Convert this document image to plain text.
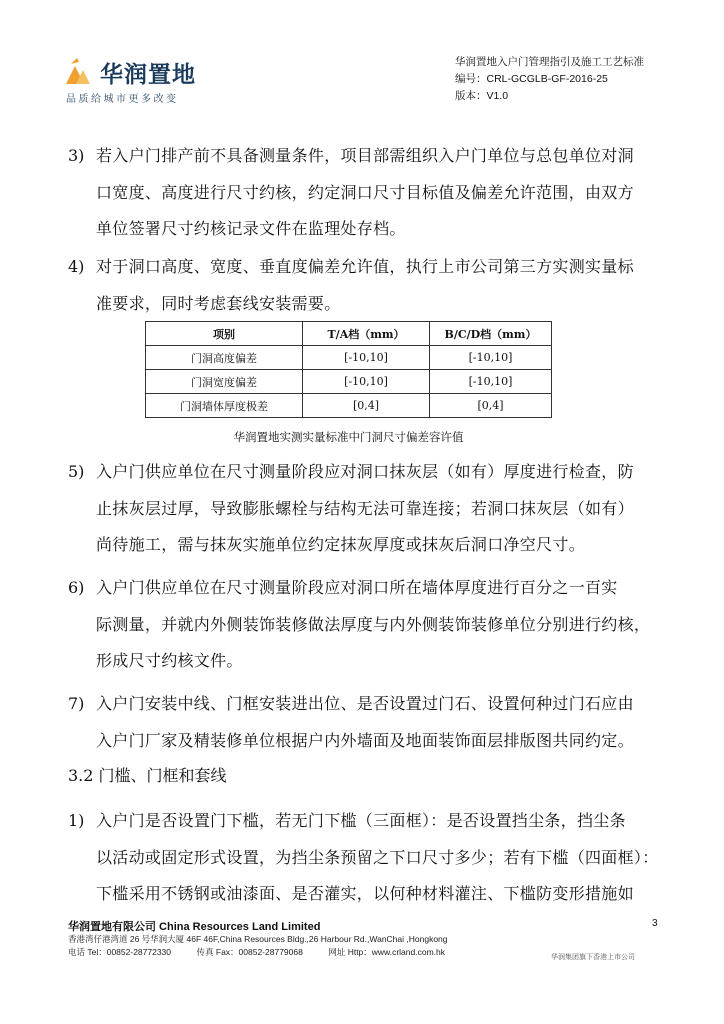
华润置地
品质给城市更多改变
华润置地入户门管理指引及施工工艺标准
编号：CRL-GCGLB-GF-2016-25
版本：V1.0
3) 若入户门排产前不具备测量条件，项目部需组织入户门单位与总包单位对洞
口宽度、高度进行尺寸约核，约定洞口尺寸目标值及偏差允许范围，由双方
单位签署尺寸约核记录文件在监理处存档。
4) 对于洞口高度、宽度、垂直度偏差允许值，执行上市公司第三方实测实量标
准要求，同时考虑套线安装需要。
项别	T/A档（mm）	B/C/D档（mm）
门洞高度偏差	[-10,10]	[-10,10]
门洞宽度偏差	[-10,10]	[-10,10]
门洞墙体厚度极差	[0,4]	[0,4]
华润置地实测实量标准中门洞尺寸偏差容许值
5) 入户门供应单位在尺寸测量阶段应对洞口抹灰层（如有）厚度进行检查，防
止抹灰层过厚，导致膨胀螺栓与结构无法可靠连接；若洞口抹灰层（如有）
尚待施工，需与抹灰实施单位约定抹灰厚度或抹灰后洞口净空尺寸。
6) 入户门供应单位在尺寸测量阶段应对洞口所在墙体厚度进行百分之一百实
际测量，并就内外侧装饰装修做法厚度与内外侧装饰装修单位分别进行约核，
形成尺寸约核文件。
7) 入户门安装中线、门框安装进出位、是否设置过门石、设置何种过门石应由
入户门厂家及精装修单位根据户内外墙面及地面装饰面层排版图共同约定。
3.2 门槛、门框和套线
1) 入户门是否设置门下槛，若无门下槛（三面框）：是否设置挡尘条，挡尘条
以活动或固定形式设置，为挡尘条预留之下口尺寸多少；若有下槛（四面框）：
下槛采用不锈钢或油漆面、是否灌实，以何种材料灌注、下槛防变形措施如
华润置地有限公司 China Resources Land Limited	3
香港湾仔港湾道 26 号华润大厦 46F 46F,China Resources Bldg.,26 Harbour Rd.,WanChai ,Hongkong
电话 Tel：00852-28772330　　　传真 Fax：00852-28779068　　　网址 Http：www.crland.com.hk	华润集团旗下香港上市公司
